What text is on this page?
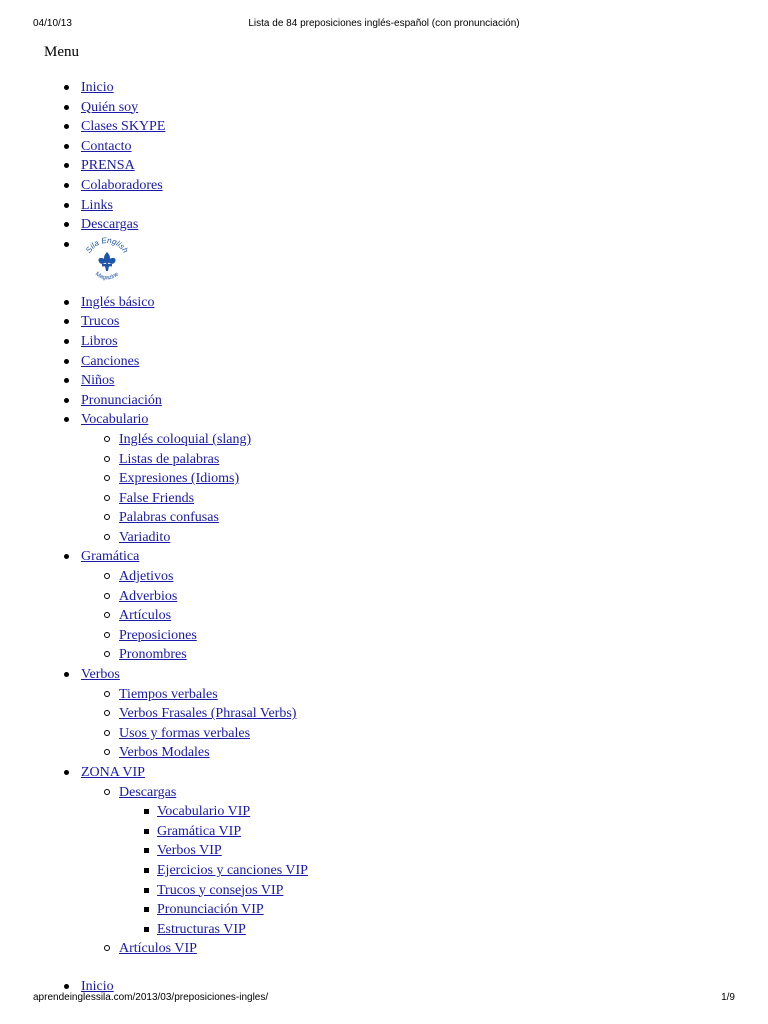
04/10/13	Lista de 84 preposiciones inglés-español (con pronunciación)
Menu
Inicio
Quién soy
Clases SKYPE
Contacto
PRENSA
Colaboradores
Links
Descargas
Sila English
Magazine
Inglés básico
Trucos
Libros
Canciones
Niños
Pronunciación
Vocabulario
Inglés coloquial (slang)
Listas de palabras
Expresiones (Idioms)
False Friends
Palabras confusas
Variadito
Gramática
Adjetivos
Adverbios
Artículos
Preposiciones
Pronombres
Verbos
Tiempos verbales
Verbos Frasales (Phrasal Verbs)
Usos y formas verbales
Verbos Modales
ZONA VIP
Descargas
Vocabulario VIP
Gramática VIP
Verbos VIP
Ejercicios y canciones VIP
Trucos y consejos VIP
Pronunciación VIP
Estructuras VIP
Artículos VIP
Inicio
aprendeinglessila.com/2013/03/preposiciones-ingles/	1/9
